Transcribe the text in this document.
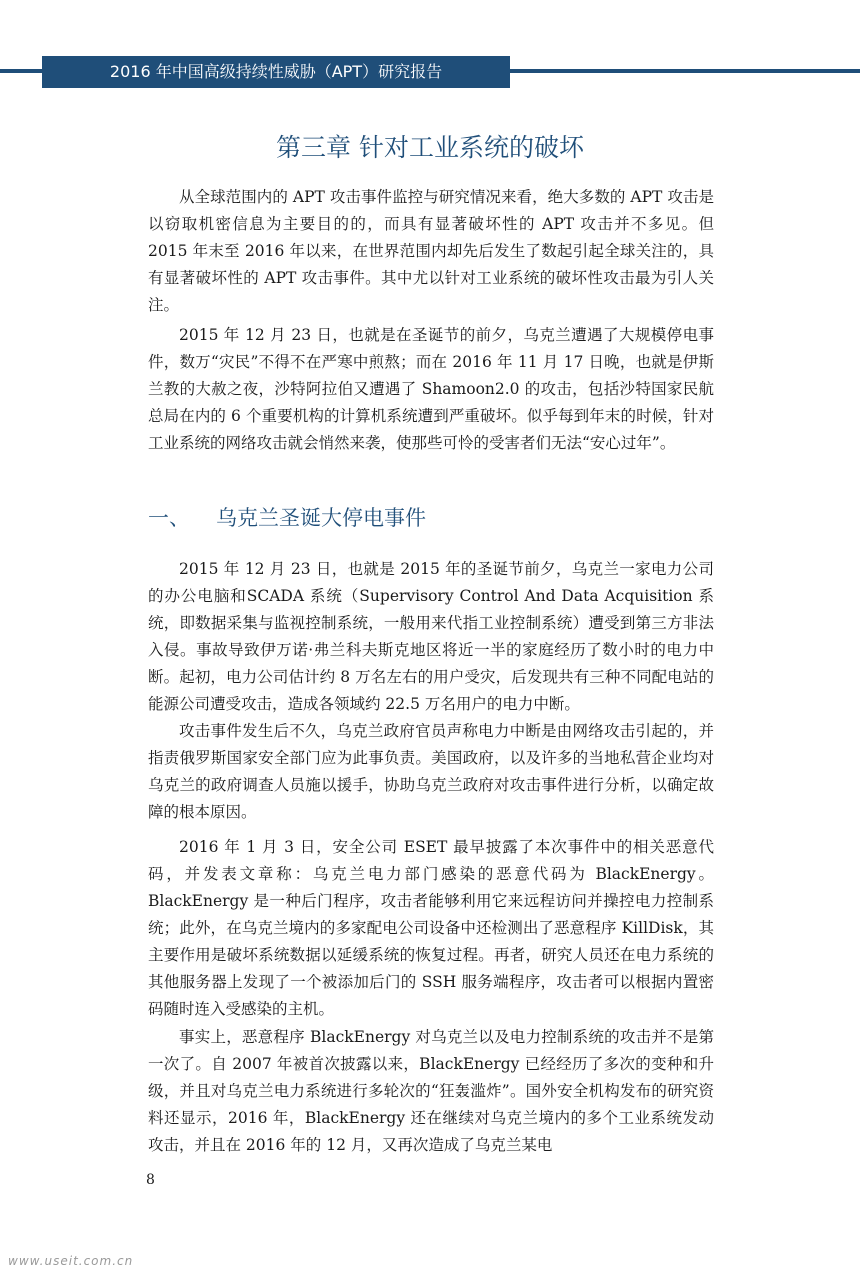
2016 年中国高级持续性威胁（APT）研究报告
第三章 针对工业系统的破坏

从全球范围内的 APT 攻击事件监控与研究情况来看，绝大多数的 APT 攻击是以窃取机密信息为主要目的的，而具有显著破坏性的 APT 攻击并不多见。但 2015 年末至 2016 年以来，在世界范围内却先后发生了数起引起全球关注的，具有显著破坏性的 APT 攻击事件。其中尤以针对工业系统的破坏性攻击最为引人关注。

2015 年 12 月 23 日，也就是在圣诞节的前夕，乌克兰遭遇了大规模停电事件，数万“灾民”不得不在严寒中煎熬；而在 2016 年 11 月 17 日晚，也就是伊斯兰教的大赦之夜，沙特阿拉伯又遭遇了 Shamoon2.0 的攻击，包括沙特国家民航总局在内的 6 个重要机构的计算机系统遭到严重破坏。似乎每到年末的时候，针对工业系统的网络攻击就会悄然来袭，使那些可怜的受害者们无法“安心过年”。

一、 乌克兰圣诞大停电事件

2015 年 12 月 23 日，也就是 2015 年的圣诞节前夕，乌克兰一家电力公司的办公电脑和SCADA 系统（Supervisory Control And Data Acquisition 系统，即数据采集与监视控制系统，一般用来代指工业控制系统）遭受到第三方非法入侵。事故导致伊万诺·弗兰科夫斯克地区将近一半的家庭经历了数小时的电力中断。起初，电力公司估计约 8 万名左右的用户受灾，后发现共有三种不同配电站的能源公司遭受攻击，造成各领域约 22.5 万名用户的电力中断。

攻击事件发生后不久，乌克兰政府官员声称电力中断是由网络攻击引起的，并指责俄罗斯国家安全部门应为此事负责。美国政府，以及许多的当地私营企业均对乌克兰的政府调查人员施以援手，协助乌克兰政府对攻击事件进行分析，以确定故障的根本原因。

2016 年 1 月 3 日，安全公司 ESET 最早披露了本次事件中的相关恶意代码，并发表文章称：乌克兰电力部门感染的恶意代码为 BlackEnergy。BlackEnergy 是一种后门程序，攻击者能够利用它来远程访问并操控电力控制系统；此外，在乌克兰境内的多家配电公司设备中还检测出了恶意程序 KillDisk，其主要作用是破坏系统数据以延缓系统的恢复过程。再者，研究人员还在电力系统的其他服务器上发现了一个被添加后门的 SSH 服务端程序，攻击者可以根据内置密码随时连入受感染的主机。

事实上，恶意程序 BlackEnergy 对乌克兰以及电力控制系统的攻击并不是第一次了。自 2007 年被首次披露以来，BlackEnergy 已经经历了多次的变种和升级，并且对乌克兰电力系统进行多轮次的“狂轰滥炸”。国外安全机构发布的研究资料还显示，2016 年，BlackEnergy 还在继续对乌克兰境内的多个工业系统发动攻击，并且在 2016 年的 12 月，又再次造成了乌克兰某电

8
www.useit.com.cn
